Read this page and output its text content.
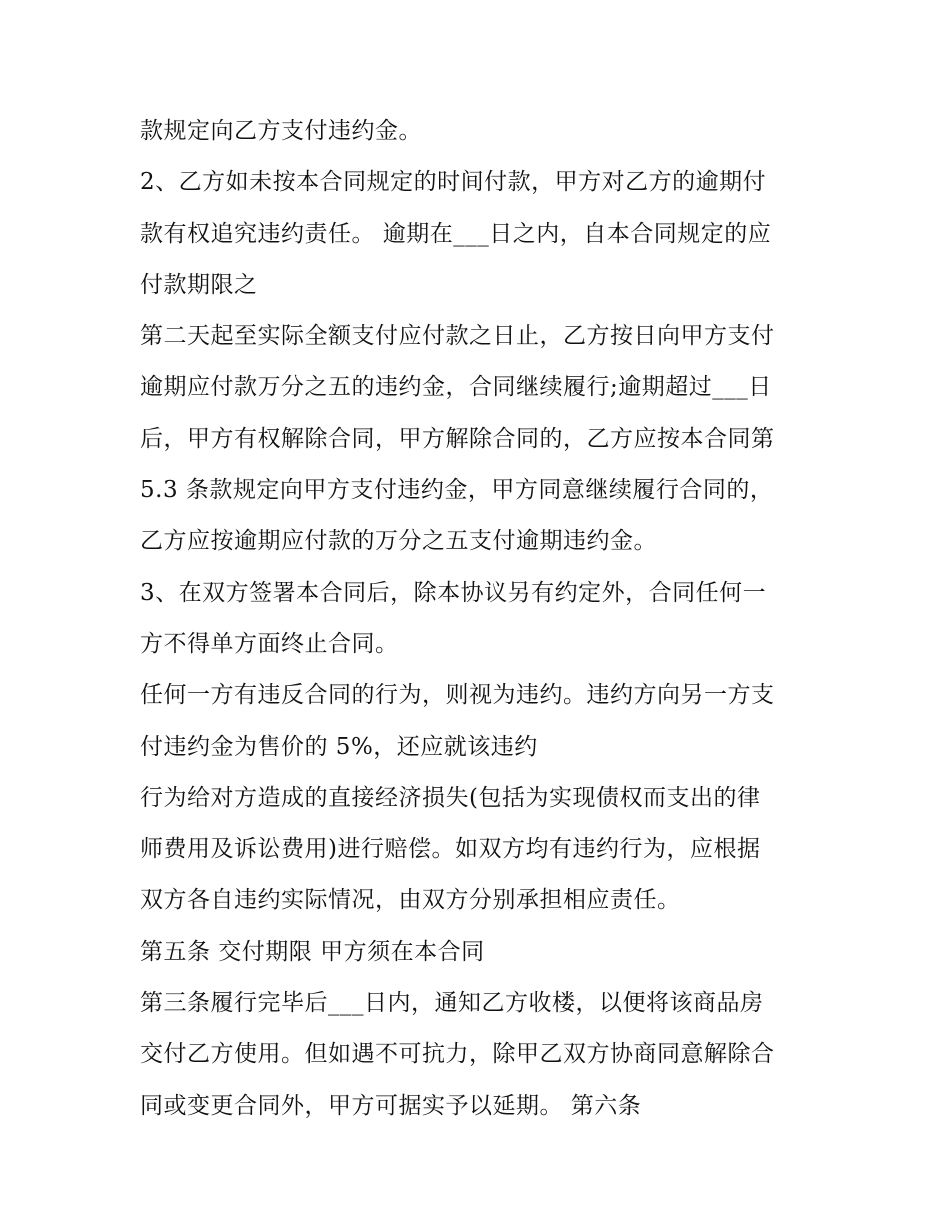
款规定向乙方支付违约金。
2、乙方如未按本合同规定的时间付款，甲方对乙方的逾期付
款有权追究违约责任。 逾期在___日之内，自本合同规定的应
付款期限之
第二天起至实际全额支付应付款之日止，乙方按日向甲方支付
逾期应付款万分之五的违约金，合同继续履行;逾期超过___日
后，甲方有权解除合同，甲方解除合同的，乙方应按本合同第
5.3 条款规定向甲方支付违约金，甲方同意继续履行合同的，
乙方应按逾期应付款的万分之五支付逾期违约金。
3、在双方签署本合同后，除本协议另有约定外，合同任何一
方不得单方面终止合同。
任何一方有违反合同的行为，则视为违约。违约方向另一方支
付违约金为售价的 5%，还应就该违约
行为给对方造成的直接经济损失(包括为实现债权而支出的律
师费用及诉讼费用)进行赔偿。如双方均有违约行为，应根据
双方各自违约实际情况，由双方分别承担相应责任。
第五条 交付期限 甲方须在本合同
第三条履行完毕后___日内，通知乙方收楼，以便将该商品房
交付乙方使用。但如遇不可抗力，除甲乙双方协商同意解除合
同或变更合同外，甲方可据实予以延期。 第六条
